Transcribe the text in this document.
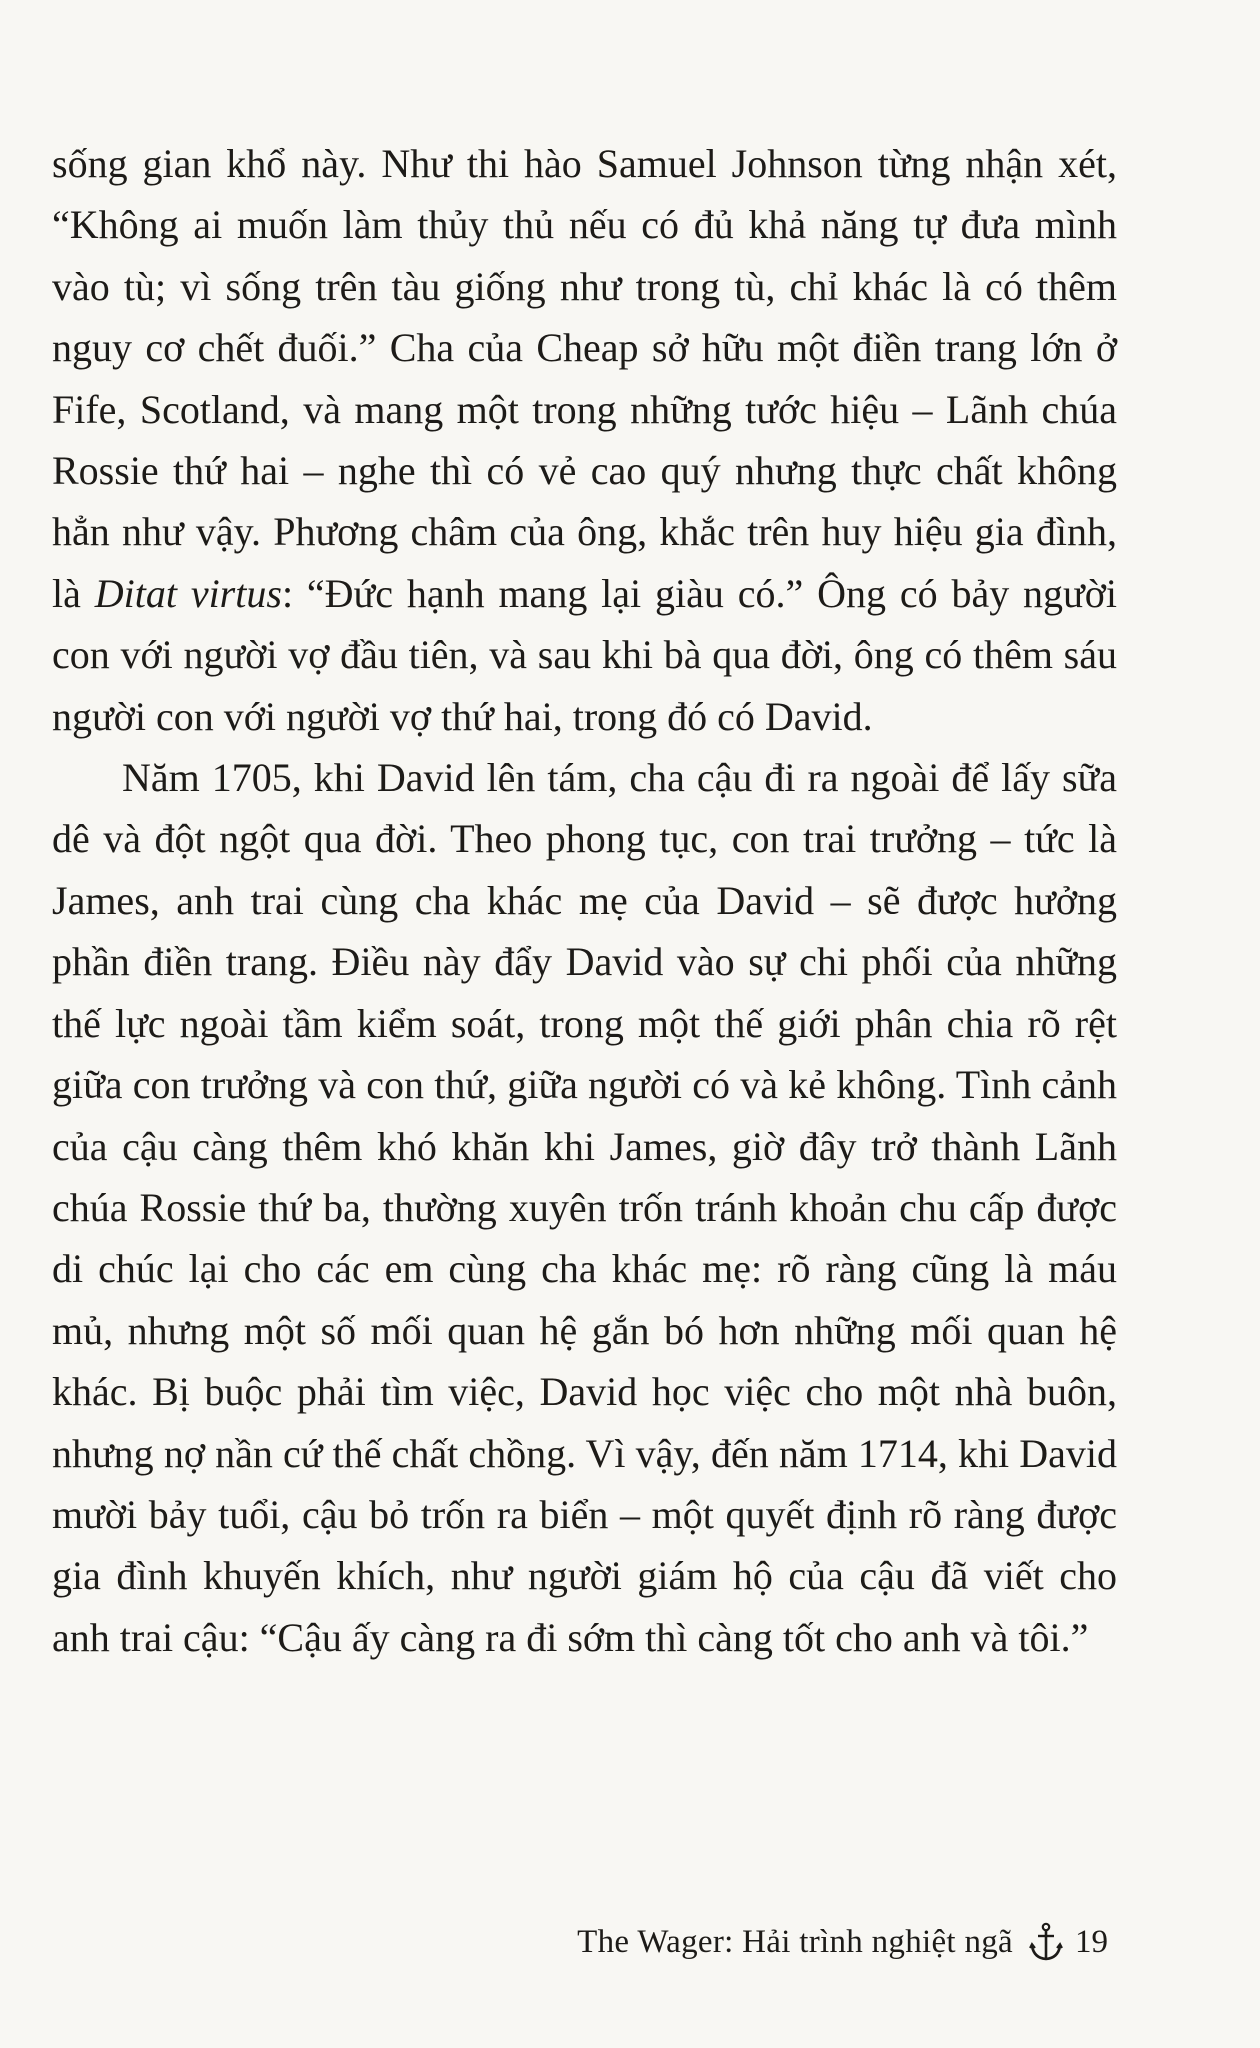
sống gian khổ này. Như thi hào Samuel Johnson từng nhận xét, “Không ai muốn làm thủy thủ nếu có đủ khả năng tự đưa mình vào tù; vì sống trên tàu giống như trong tù, chỉ khác là có thêm nguy cơ chết đuối.” Cha của Cheap sở hữu một điền trang lớn ở Fife, Scotland, và mang một trong những tước hiệu – Lãnh chúa Rossie thứ hai – nghe thì có vẻ cao quý nhưng thực chất không hẳn như vậy. Phương châm của ông, khắc trên huy hiệu gia đình, là Ditat virtus: “Đức hạnh mang lại giàu có.” Ông có bảy người con với người vợ đầu tiên, và sau khi bà qua đời, ông có thêm sáu người con với người vợ thứ hai, trong đó có David.

Năm 1705, khi David lên tám, cha cậu đi ra ngoài để lấy sữa dê và đột ngột qua đời. Theo phong tục, con trai trưởng – tức là James, anh trai cùng cha khác mẹ của David – sẽ được hưởng phần điền trang. Điều này đẩy David vào sự chi phối của những thế lực ngoài tầm kiểm soát, trong một thế giới phân chia rõ rệt giữa con trưởng và con thứ, giữa người có và kẻ không. Tình cảnh của cậu càng thêm khó khăn khi James, giờ đây trở thành Lãnh chúa Rossie thứ ba, thường xuyên trốn tránh khoản chu cấp được di chúc lại cho các em cùng cha khác mẹ: rõ ràng cũng là máu mủ, nhưng một số mối quan hệ gắn bó hơn những mối quan hệ khác. Bị buộc phải tìm việc, David học việc cho một nhà buôn, nhưng nợ nần cứ thế chất chồng. Vì vậy, đến năm 1714, khi David mười bảy tuổi, cậu bỏ trốn ra biển – một quyết định rõ ràng được gia đình khuyến khích, như người giám hộ của cậu đã viết cho anh trai cậu: “Cậu ấy càng ra đi sớm thì càng tốt cho anh và tôi.”

The Wager: Hải trình nghiệt ngã 19
